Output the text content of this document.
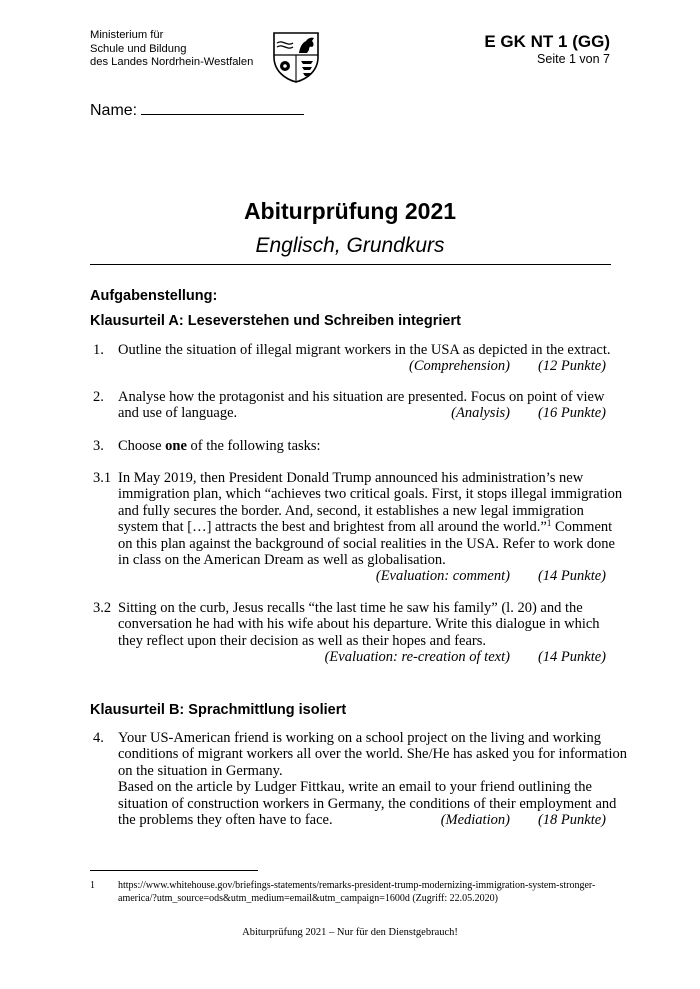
Ministerium für
Schule und Bildung
des Landes Nordrhein-Westfalen
E GK NT 1 (GG)
Seite 1 von 7
Name:
Abiturprüfung 2021
Englisch, Grundkurs
Aufgabenstellung:
Klausurteil A: Leseverstehen und Schreiben integriert
1. Outline the situation of illegal migrant workers in the USA as depicted in the extract.
(Comprehension) (12 Punkte)
2. Analyse how the protagonist and his situation are presented. Focus on point of view
and use of language.	(Analysis) (16 Punkte)
3. Choose one of the following tasks:
3.1 In May 2019, then President Donald Trump announced his administration’s new
immigration plan, which “achieves two critical goals. First, it stops illegal immigration
and fully secures the border. And, second, it establishes a new legal immigration
system that […] attracts the best and brightest from all around the world.”$^1$ Comment
on this plan against the background of social realities in the USA. Refer to work done
in class on the American Dream as well as globalisation.
(Evaluation: comment) (14 Punkte)
3.2 Sitting on the curb, Jesus recalls “the last time he saw his family” (l. 20) and the
conversation he had with his wife about his departure. Write this dialogue in which
they reflect upon their decision as well as their hopes and fears.
(Evaluation: re-creation of text) (14 Punkte)
Klausurteil B: Sprachmittlung isoliert
4. Your US-American friend is working on a school project on the living and working
conditions of migrant workers all over the world. She/He has asked you for information
on the situation in Germany.
Based on the article by Ludger Fittkau, write an email to your friend outlining the
situation of construction workers in Germany, the conditions of their employment and
the problems they often have to face.	(Mediation) (18 Punkte)
1 https://www.whitehouse.gov/briefings-statements/remarks-president-trump-modernizing-immigration-system-stronger-
america/?utm_source=ods&utm_medium=email&utm_campaign=1600d (Zugriff: 22.05.2020)
Abiturprüfung 2021 – Nur für den Dienstgebrauch!
